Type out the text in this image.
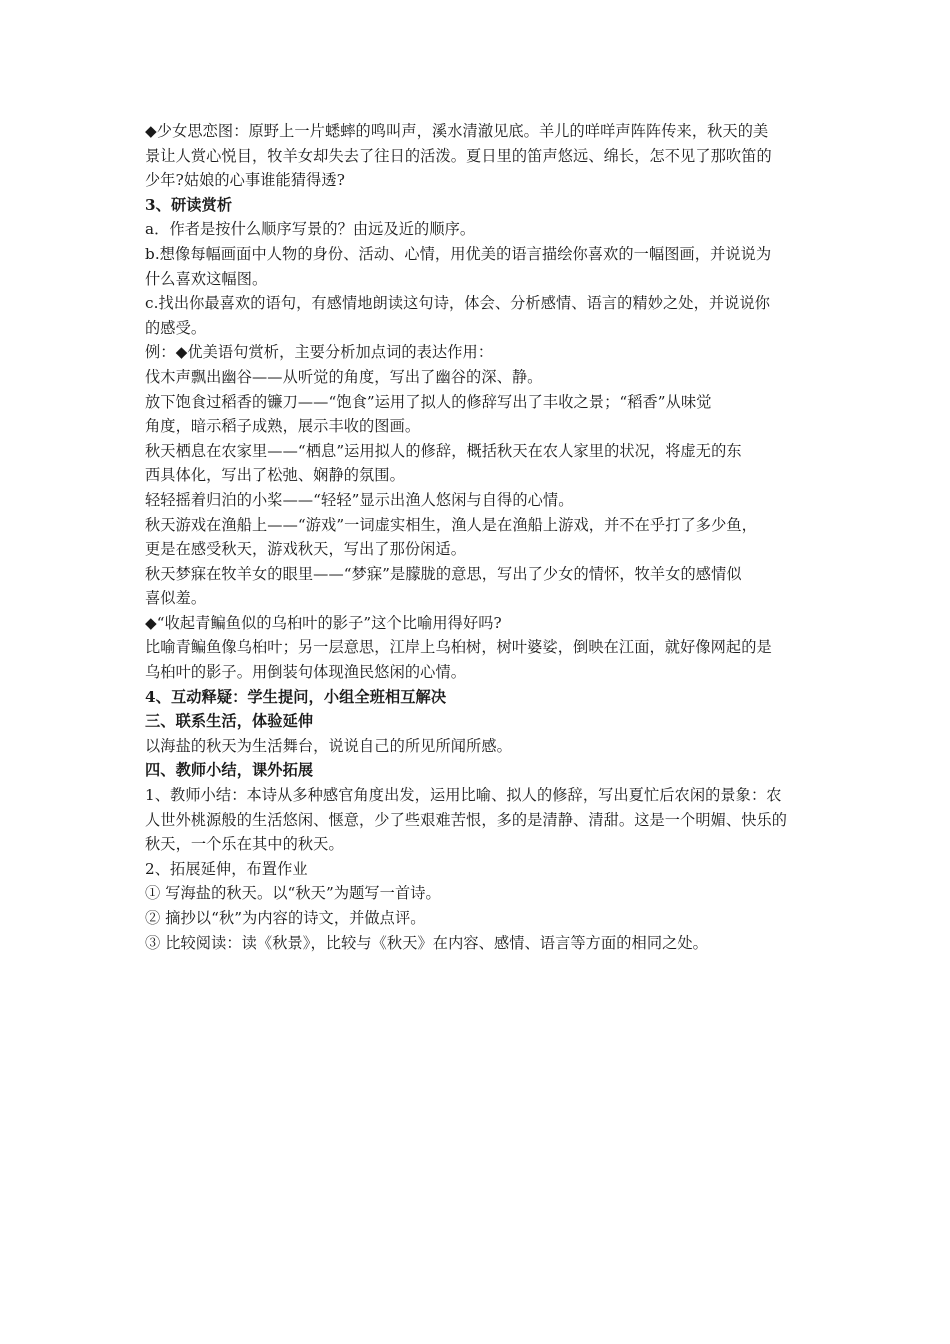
◆少女思恋图：原野上一片蟋蟀的鸣叫声，溪水清澈见底。羊儿的咩咩声阵阵传来，秋天的美
景让人赏心悦目，牧羊女却失去了往日的活泼。夏日里的笛声悠远、绵长，怎不见了那吹笛的
少年?姑娘的心事谁能猜得透?
3、研读赏析
a．作者是按什么顺序写景的？由远及近的顺序。
b.想像每幅画面中人物的身份、活动、心情，用优美的语言描绘你喜欢的一幅图画，并说说为
什么喜欢这幅图。
c.找出你最喜欢的语句，有感情地朗读这句诗，体会、分析感情、语言的精妙之处，并说说你
的感受。
例：◆优美语句赏析，主要分析加点词的表达作用：
伐木声飘出幽谷——从听觉的角度，写出了幽谷的深、静。
放下饱食过稻香的镰刀——“饱食”运用了拟人的修辞写出了丰收之景；“稻香”从味觉
角度，暗示稻子成熟，展示丰收的图画。
秋天栖息在农家里——“栖息”运用拟人的修辞，概括秋天在农人家里的状况，将虚无的东
西具体化，写出了松弛、娴静的氛围。
轻轻摇着归泊的小桨——“轻轻”显示出渔人悠闲与自得的心情。
秋天游戏在渔船上——“游戏”一词虚实相生，渔人是在渔船上游戏，并不在乎打了多少鱼，
更是在感受秋天，游戏秋天，写出了那份闲适。
秋天梦寐在牧羊女的眼里——“梦寐”是朦胧的意思，写出了少女的情怀，牧羊女的感情似
喜似羞。
◆“收起青鳊鱼似的乌桕叶的影子”这个比喻用得好吗?
比喻青鳊鱼像乌桕叶；另一层意思，江岸上乌桕树，树叶婆娑，倒映在江面，就好像网起的是
乌桕叶的影子。用倒装句体现渔民悠闲的心情。
4、互动释疑：学生提问，小组全班相互解决
三、联系生活，体验延伸
以海盐的秋天为生活舞台，说说自己的所见所闻所感。
四、教师小结，课外拓展
1、教师小结：本诗从多种感官角度出发，运用比喻、拟人的修辞，写出夏忙后农闲的景象：农
人世外桃源般的生活悠闲、惬意，少了些艰难苦恨，多的是清静、清甜。这是一个明媚、快乐的
秋天，一个乐在其中的秋天。
2、拓展延伸，布置作业
① 写海盐的秋天。以“秋天”为题写一首诗。
② 摘抄以“秋”为内容的诗文，并做点评。
③ 比较阅读：读《秋景》，比较与《秋天》在内容、感情、语言等方面的相同之处。
